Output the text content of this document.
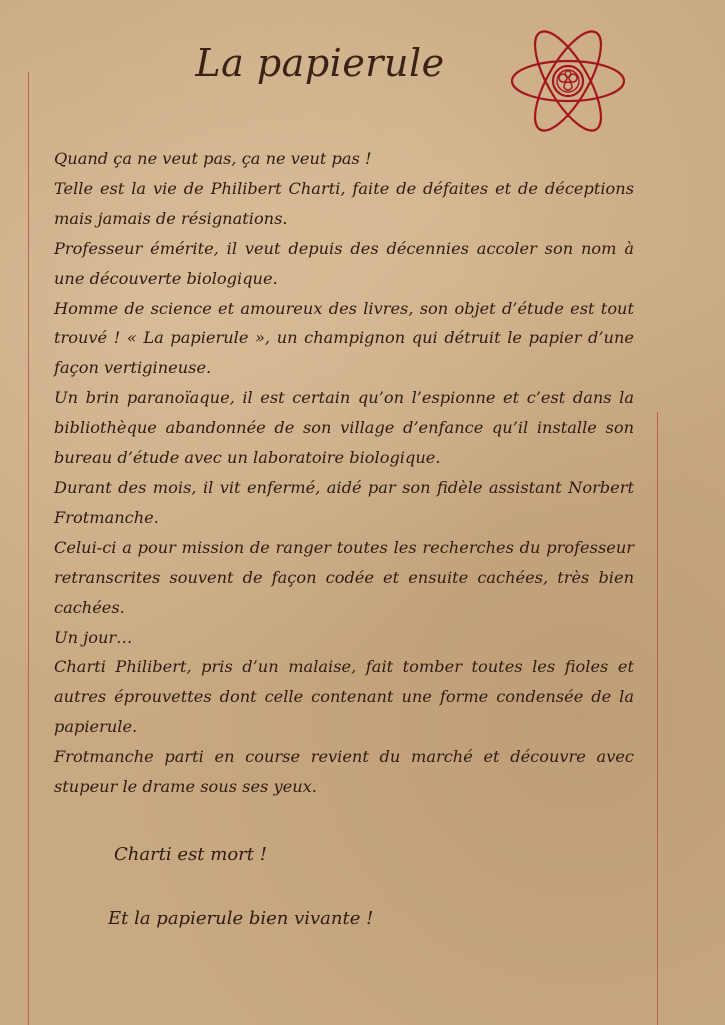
La papierule

Quand ça ne veut pas, ça ne veut pas !

Telle est la vie de Philibert Charti, faite de défaites et de déceptions mais jamais de résignations.

Professeur émérite, il veut depuis des décennies accoler son nom à une découverte biologique.

Homme de science et amoureux des livres, son objet d’étude est tout trouvé ! « La papierule », un champignon qui détruit le papier d’une façon vertigineuse.

Un brin paranoïaque, il est certain qu’on l’espionne et c’est dans la bibliothèque abandonnée de son village d’enfance qu’il installe son bureau d’étude avec un laboratoire biologique.

Durant des mois, il vit enfermé, aidé par son fidèle assistant Norbert Frotmanche.

Celui-ci a pour mission de ranger toutes les recherches du professeur retranscrites souvent de façon codée et ensuite cachées, très bien cachées.

Un jour…

Charti Philibert, pris d’un malaise, fait tomber toutes les fioles et autres éprouvettes dont celle contenant une forme condensée de la papierule.

Frotmanche parti en course revient du marché et découvre avec stupeur le drame sous ses yeux.

Charti est mort !
Et la papierule bien vivante !
